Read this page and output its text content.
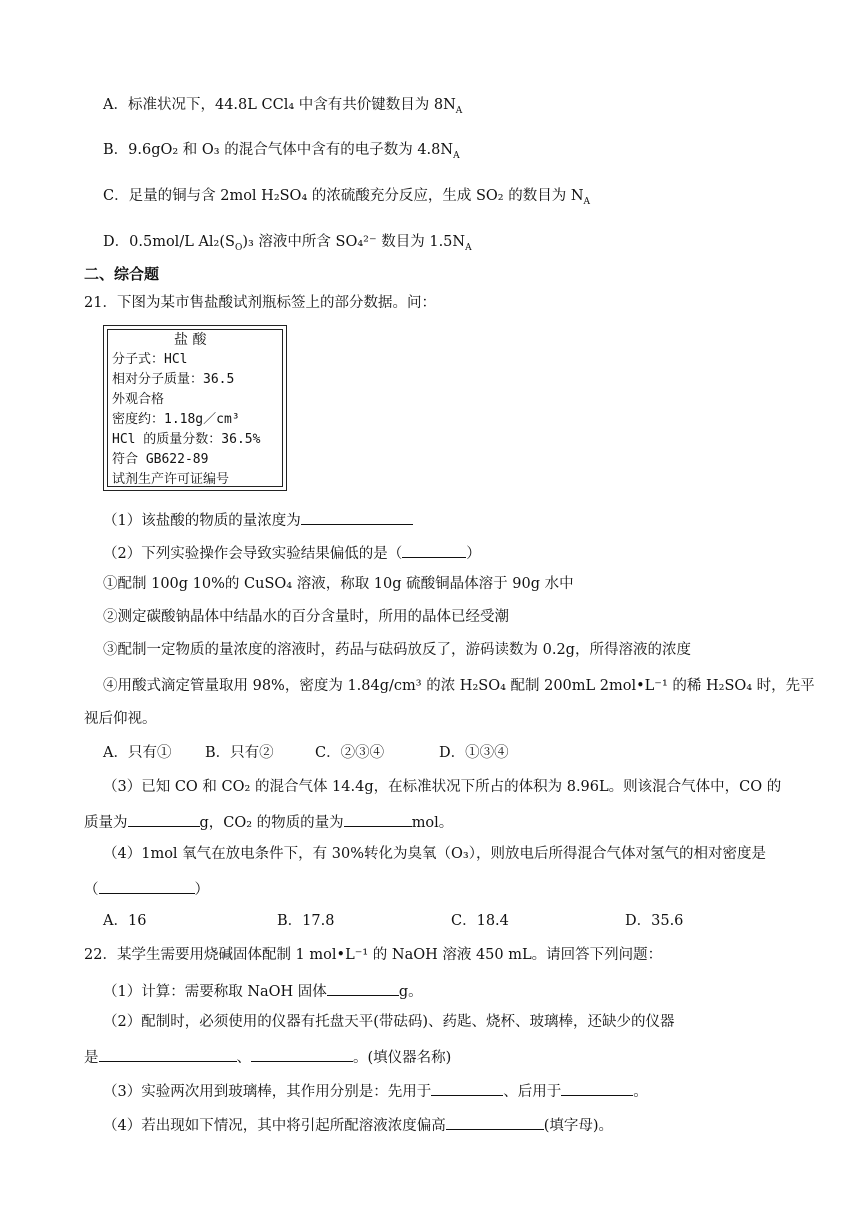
A．标准状况下，44.8L CCl₄ 中含有共价键数目为 $8N_A$
B．9.6gO₂ 和 O₃ 的混合气体中含有的电子数为 $4.8N_A$
C．足量的铜与含 2mol H₂SO₄ 的浓硫酸充分反应，生成 SO₂ 的数目为 $N_A$
D．0.5mol/L $Al_2(S_O)_3$ 溶液中所含 SO₄²⁻ 数目为 $1.5N_A$
二、综合题
21．下图为某市售盐酸试剂瓶标签上的部分数据。问：
盐 酸
分子式：HCl
相对分子质量：36.5
外观合格
密度约：1.18g／cm³
HCl 的质量分数：36.5%
符合 GB622-89
试剂生产许可证编号
（1）该盐酸的物质的量浓度为
（2）下列实验操作会导致实验结果偏低的是（	）
①配制 100g 10%的 CuSO₄ 溶液，称取 10g 硫酸铜晶体溶于 90g 水中
②测定碳酸钠晶体中结晶水的百分含量时，所用的晶体已经受潮
③配制一定物质的量浓度的溶液时，药品与砝码放反了，游码读数为 0.2g，所得溶液的浓度
④用酸式滴定管量取用 98%，密度为 1.84g/cm³ 的浓 H₂SO₄ 配制 200mL 2mol•L⁻¹ 的稀 H₂SO₄ 时，先平
视后仰视。
A．只有① B．只有②	C．②③④	D．①③④
（3）已知 CO 和 CO₂ 的混合气体 14.4g，在标准状况下所占的体积为 8.96L。则该混合气体中，CO 的
质量为	g，CO₂ 的物质的量为	mol。
（4）1mol 氧气在放电条件下，有 30%转化为臭氧（O₃），则放电后所得混合气体对氢气的相对密度是
（	）
A．16	B．17.8	C．18.4	D．35.6
22．某学生需要用烧碱固体配制 1 mol•L⁻¹ 的 NaOH 溶液 450 mL。请回答下列问题：
（1）计算：需要称取 NaOH 固体	g。
（2）配制时，必须使用的仪器有托盘天平(带砝码)、药匙、烧杯、玻璃棒，还缺少的仪器
是	、	。(填仪器名称)
（3）实验两次用到玻璃棒，其作用分别是：先用于	、后用于	。
（4）若出现如下情况，其中将引起所配溶液浓度偏高	(填字母)。
